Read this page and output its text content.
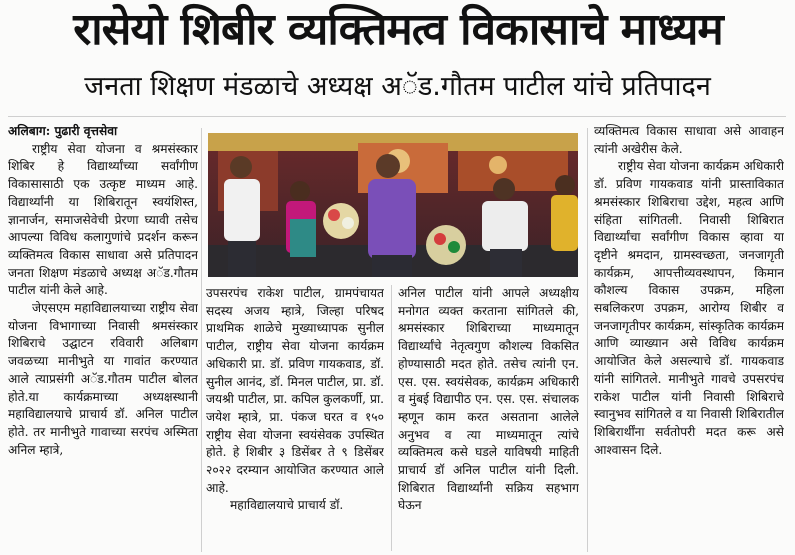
रासेयो शिबीर व्यक्तिमत्व विकासाचे माध्यम
जनता शिक्षण मंडळाचे अध्यक्ष अॅड.गौतम पाटील यांचे प्रतिपादन

अलिबाग: पुढारी वृत्तसेवा

राष्ट्रीय सेवा योजना व श्रमसंस्कार शिबिर हे विद्यार्थ्यांच्या सर्वांगीण विकासासाठी एक उत्कृष्ट माध्यम आहे. विद्यार्थ्यांनी या शिबिरातून स्वयंशिस्त, ज्ञानार्जन, समाजसेवेची प्रेरणा घ्यावी तसेच आपल्या विविध कलागुणांचे प्रदर्शन करून व्यक्तिमत्व विकास साधावा असे प्रतिपादन जनता शिक्षण मंडळाचे अध्यक्ष अॅड.गौतम पाटील यांनी केले आहे.

जेएसएम महाविद्यालयाच्या राष्ट्रीय सेवा योजना विभागाच्या निवासी श्रमसंस्कार शिबिराचे उद्घाटन रविवारी अलिबाग जवळच्या मानीभुते या गावांत करण्यात आले त्याप्रसंगी अॅड.गौतम पाटील बोलत होते.या कार्यक्रमाच्या अध्यक्षस्थानी महाविद्यालयाचे प्राचार्य डॉ. अनिल पाटील होते. तर मानीभुते गावाच्या सरपंच अस्मिता अनिल म्हात्रे,

उपसरपंच राकेश पाटील, ग्रामपंचायत सदस्य अजय म्हात्रे, जिल्हा परिषद प्राथमिक शाळेचे मुख्याध्यापक सुनील पाटील, राष्ट्रीय सेवा योजना कार्यक्रम अधिकारी प्रा. डॉ. प्रविण गायकवाड, डॉ. सुनील आनंद, डॉ. मिनल पाटील, प्रा. डॉ. जयश्री पाटील, प्रा. कपिल कुलकर्णी, प्रा. जयेश म्हात्रे, प्रा. पंकज घरत व १५० राष्ट्रीय सेवा योजना स्वयंसेवक उपस्थित होते. हे शिबीर ३ डिसेंबर ते ९ डिसेंबर २०२२ दरम्यान आयोजित करण्यात आले आहे.

महाविद्यालयाचे प्राचार्य डॉ.

अनिल पाटील यांनी आपले अध्यक्षीय मनोगत व्यक्त करताना सांगितले की, श्रमसंस्कार शिबिराच्या माध्यमातून विद्यार्थ्यांचे नेतृत्वगुण कौशल्य विकसित होण्यासाठी मदत होते. तसेच त्यांनी एन. एस. एस. स्वयंसेवक, कार्यक्रम अधिकारी व मुंबई विद्यापीठ एन. एस. एस. संचालक म्हणून काम करत असताना आलेले अनुभव व त्या माध्यमातून त्यांचे व्यक्तिमत्व कसे घडले याविषयी माहिती प्राचार्य डॉ अनिल पाटील यांनी दिली. शिबिरात विद्यार्थ्यांनी सक्रिय सहभाग घेऊन

व्यक्तिमत्व विकास साधावा असे आवाहन त्यांनी अखेरीस केले.

राष्ट्रीय सेवा योजना कार्यक्रम अधिकारी डॉ. प्रविण गायकवाड यांनी प्रास्ताविकात श्रमसंस्कार शिबिराचा उद्देश, महत्व आणि संहिता सांगितली. निवासी शिबिरात विद्यार्थ्यांचा सर्वांगीण विकास व्हावा या दृष्टीने श्रमदान, ग्रामस्वच्छता, जनजागृती कार्यक्रम, आपत्तीव्यवस्थापन, किमान कौशल्य विकास उपक्रम, महिला सबलिकरण उपक्रम, आरोग्य शिबीर व जनजागृतीपर कार्यक्रम, सांस्कृतिक कार्यक्रम आणि व्याख्यान असे विविध कार्यक्रम आयोजित केले असल्याचे डॉ. गायकवाड यांनी सांगितले. मानीभुते गावचे उपसरपंच राकेश पाटील यांनी निवासी शिबिराचे स्वानुभव सांगितले व या निवासी शिबिरातील शिबिरार्थींना सर्वतोपरी मदत करू असे आश्वासन दिले.
